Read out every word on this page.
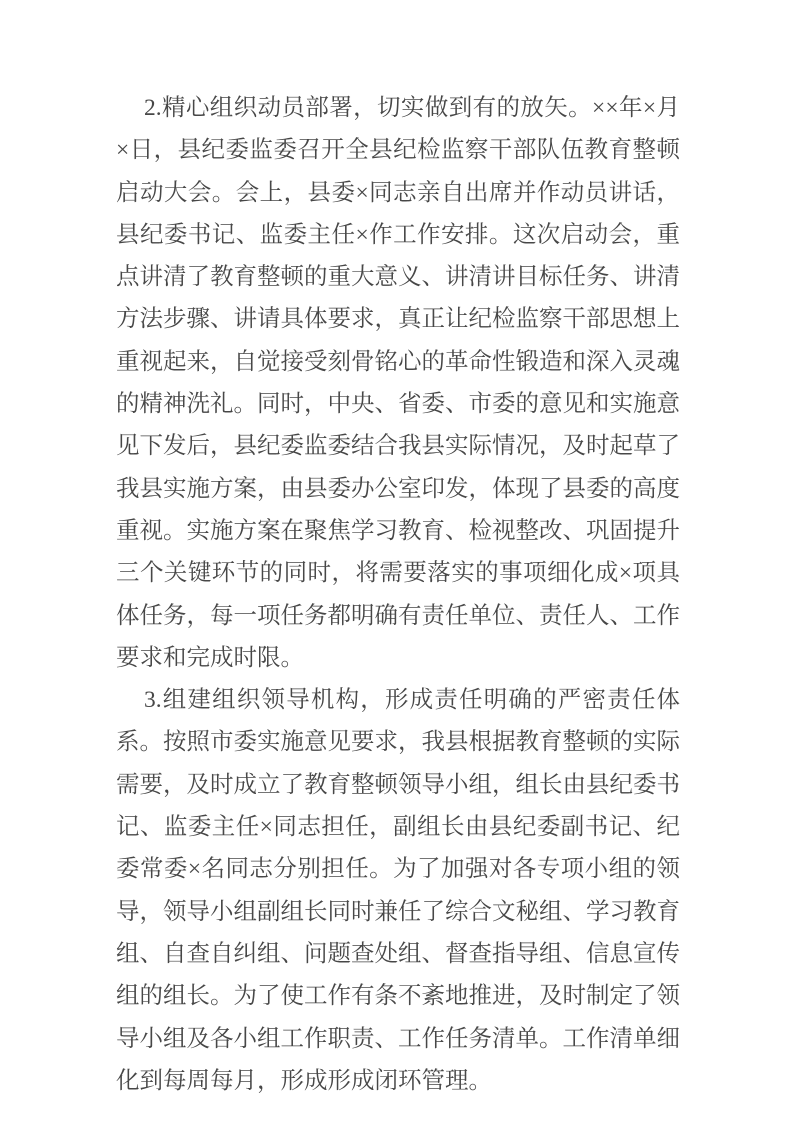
2.精心组织动员部署，切实做到有的放矢。××年×月×日，县纪委监委召开全县纪检监察干部队伍教育整顿启动大会。会上，县委×同志亲自出席并作动员讲话，县纪委书记、监委主任×作工作安排。这次启动会，重点讲清了教育整顿的重大意义、讲清讲目标任务、讲清方法步骤、讲请具体要求，真正让纪检监察干部思想上重视起来，自觉接受刻骨铭心的革命性锻造和深入灵魂的精神洗礼。同时，中央、省委、市委的意见和实施意见下发后，县纪委监委结合我县实际情况，及时起草了我县实施方案，由县委办公室印发，体现了县委的高度重视。实施方案在聚焦学习教育、检视整改、巩固提升三个关键环节的同时，将需要落实的事项细化成×项具体任务，每一项任务都明确有责任单位、责任人、工作要求和完成时限。

3.组建组织领导机构，形成责任明确的严密责任体系。按照市委实施意见要求，我县根据教育整顿的实际需要，及时成立了教育整顿领导小组，组长由县纪委书记、监委主任×同志担任，副组长由县纪委副书记、纪委常委×名同志分别担任。为了加强对各专项小组的领导，领导小组副组长同时兼任了综合文秘组、学习教育组、自查自纠组、问题查处组、督查指导组、信息宣传组的组长。为了使工作有条不紊地推进，及时制定了领导小组及各小组工作职责、工作任务清单。工作清单细化到每周每月，形成形成闭环管理。
